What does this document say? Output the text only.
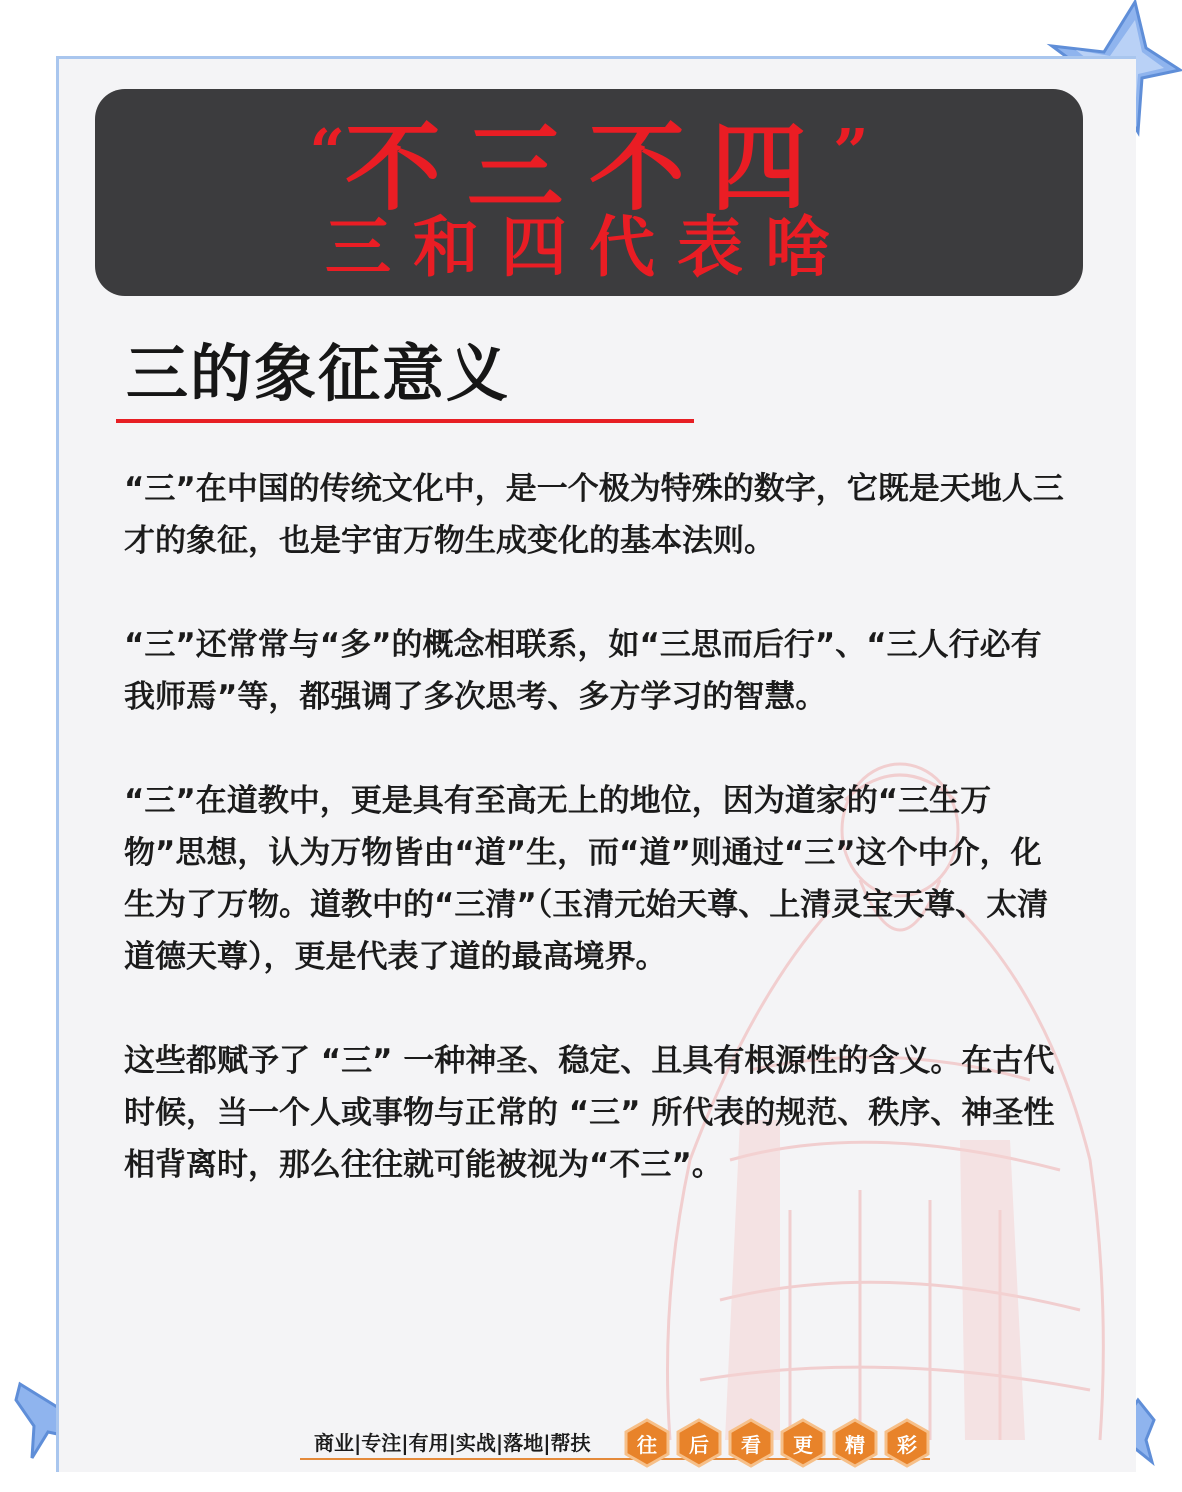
“不三不四”
三和四代表啥
三的象征意义

“三”在中国的传统文化中，是一个极为特殊的数字，它既是天地人三才的象征，也是宇宙万物生成变化的基本法则。

“三”还常常与“多”的概念相联系，如“三思而后行”、“三人行必有我师焉”等，都强调了多次思考、多方学习的智慧。

“三”在道教中，更是具有至高无上的地位，因为道家的“三生万物”思想，认为万物皆由“道”生，而“道”则通过“三”这个中介，化生为了万物。道教中的“三清”（玉清元始天尊、上清灵宝天尊、太清道德天尊），更是代表了道的最高境界。

这些都赋予了 “三” 一种神圣、稳定、且具有根源性的含义。在古代时候，当一个人或事物与正常的 “三” 所代表的规范、秩序、神圣性相背离时，那么往往就可能被视为“不三”。

商业|专注|有用|实战|落地|帮扶 往 后 看 更 精 彩
